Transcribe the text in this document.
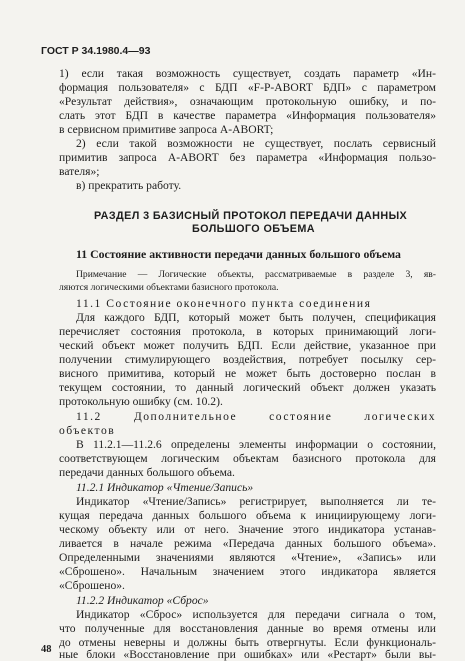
ГОСТ Р 34.1980.4—93
1) если такая возможность существует, создать параметр «Ин-
формация пользователя» с БДП «F-P-ABORT БДП» с параметром
«Результат действия», означающим протокольную ошибку, и по-
слать этот БДП в качестве параметра «Информация пользователя»
в сервисном примитиве запроса A-ABORT;
2) если такой возможности не существует, послать сервисный
примитив запроса A-ABORT без параметра «Информация пользо-
вателя»;
в) прекратить работу.
РАЗДЕЛ 3 БАЗИСНЫЙ ПРОТОКОЛ ПЕРЕДАЧИ ДАННЫХ
БОЛЬШОГО ОБЪЕМА
11 Состояние активности передачи данных большого объема
Примечание — Логические объекты, рассматриваемые в разделе 3, яв-
ляются логическими объектами базисного протокола.
11.1 Состояние оконечного пункта соединения
Для каждого БДП, который может быть получен, спецификация
перечисляет состояния протокола, в которых принимающий логи-
ческий объект может получить БДП. Если действие, указанное при
получении стимулирующего воздействия, потребует посылку сер-
висного примитива, который не может быть достоверно послан в
текущем состоянии, то данный логический объект должен указать
протокольную ошибку (см. 10.2).
11.2 Дополнительное состояние логических
объектов
В 11.2.1—11.2.6 определены элементы информации о состоянии,
соответствующем логическим объектам базисного протокола для
передачи данных большого объема.
11.2.1 Индикатор «Чтение/Запись»
Индикатор «Чтение/Запись» регистрирует, выполняется ли те-
кущая передача данных большого объема к инициирующему логи-
ческому объекту или от него. Значение этого индикатора устанав-
ливается в начале режима «Передача данных большого объема».
Определенными значениями являются «Чтение», «Запись» или
«Сброшено». Начальным значением этого индикатора является
«Сброшено».
11.2.2 Индикатор «Сброс»
Индикатор «Сброс» используется для передачи сигнала о том,
что полученные для восстановления данные во время отмены или
до отмены неверны и должны быть отвергнуты. Если функциональ-
ные блоки «Восстановление при ошибках» или «Рестарт» были вы-
48
